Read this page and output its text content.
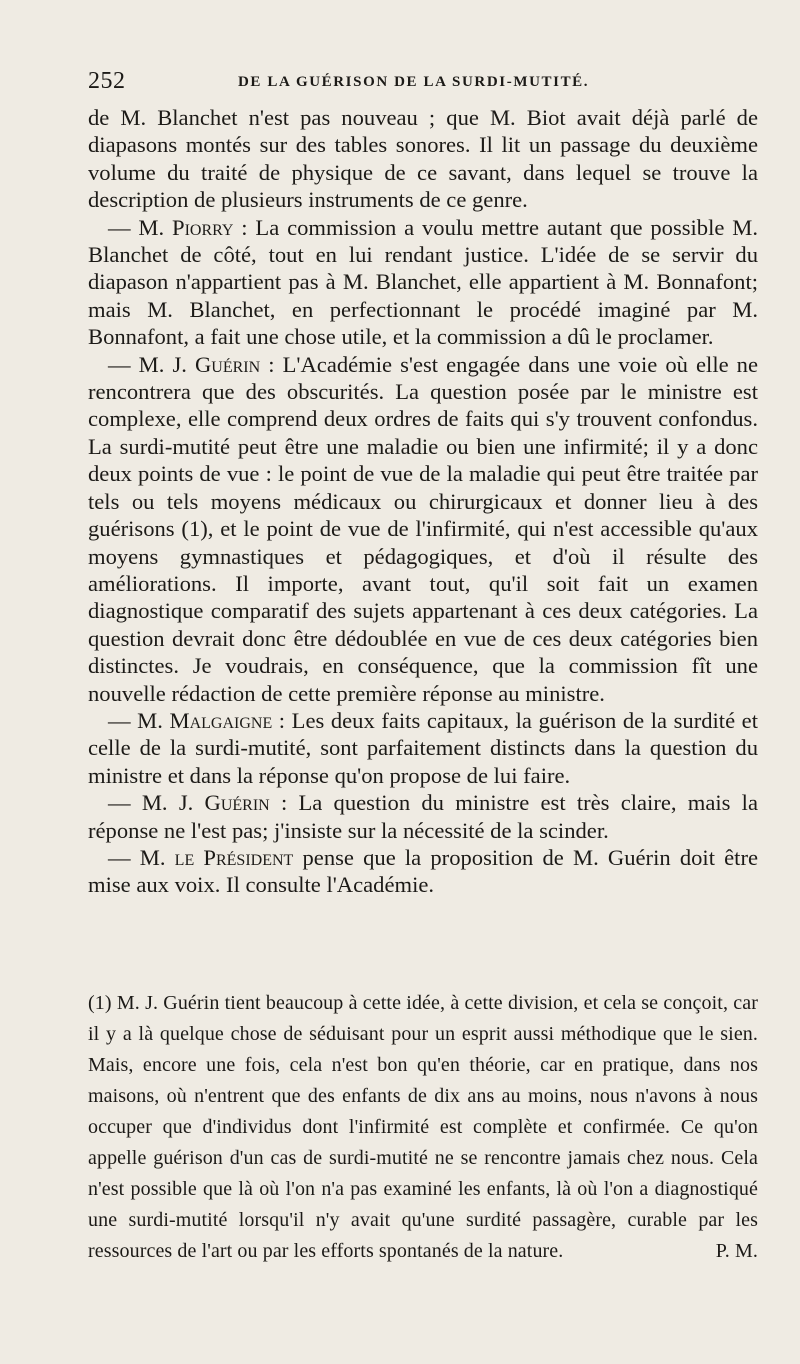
252	DE LA GUÉRISON DE LA SURDI-MUTITÉ.

de M. Blanchet n'est pas nouveau ; que M. Biot avait déjà parlé de diapasons montés sur des tables sonores. Il lit un passage du deuxième volume du traité de physique de ce savant, dans lequel se trouve la description de plusieurs instruments de ce genre.

— M. Piorry : La commission a voulu mettre autant que possible M. Blanchet de côté, tout en lui rendant justice. L'idée de se servir du diapason n'appartient pas à M. Blanchet, elle appartient à M. Bonnafont; mais M. Blanchet, en perfectionnant le procédé imaginé par M. Bonnafont, a fait une chose utile, et la commission a dû le proclamer.

— M. J. Guérin : L'Académie s'est engagée dans une voie où elle ne rencontrera que des obscurités. La question posée par le ministre est complexe, elle comprend deux ordres de faits qui s'y trouvent confondus. La surdi-mutité peut être une maladie ou bien une infirmité; il y a donc deux points de vue : le point de vue de la maladie qui peut être traitée par tels ou tels moyens médicaux ou chirurgicaux et donner lieu à des guérisons (1), et le point de vue de l'infirmité, qui n'est accessible qu'aux moyens gymnastiques et pédagogiques, et d'où il résulte des améliorations. Il importe, avant tout, qu'il soit fait un examen diagnostique comparatif des sujets appartenant à ces deux catégories. La question devrait donc être dédoublée en vue de ces deux catégories bien distinctes. Je voudrais, en conséquence, que la commission fît une nouvelle rédaction de cette première réponse au ministre.

— M. Malgaigne : Les deux faits capitaux, la guérison de la surdité et celle de la surdi-mutité, sont parfaitement distincts dans la question du ministre et dans la réponse qu'on propose de lui faire.

— M. J. Guérin : La question du ministre est très claire, mais la réponse ne l'est pas; j'insiste sur la nécessité de la scinder.

— M. le Président pense que la proposition de M. Guérin doit être mise aux voix. Il consulte l'Académie.

(1) M. J. Guérin tient beaucoup à cette idée, à cette division, et cela se conçoit, car il y a là quelque chose de séduisant pour un esprit aussi méthodique que le sien. Mais, encore une fois, cela n'est bon qu'en théorie, car en pratique, dans nos maisons, où n'entrent que des enfants de dix ans au moins, nous n'avons à nous occuper que d'individus dont l'infirmité est complète et confirmée. Ce qu'on appelle guérison d'un cas de surdi-mutité ne se rencontre jamais chez nous. Cela n'est possible que là où l'on n'a pas examiné les enfants, là où l'on a diagnostiqué une surdi-mutité lorsqu'il n'y avait qu'une surdité passagère, curable par les ressources de l'art ou par les efforts spontanés de la nature.	P. M.
